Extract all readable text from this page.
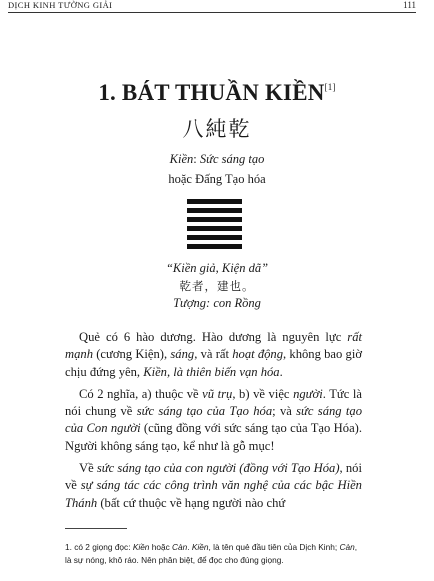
DỊCH KINH TƯỜNG GIẢI	111
1. BÁT THUẦN KIỀN[1]
八純乾
Kiền: Sức sáng tạo
hoặc Đấng Tạo hóa
“Kiền giả, Kiện dã”
乾者，建也。
Tượng: con Rồng

Quẻ có 6 hào dương. Hào dương là nguyên lực rất mạnh (cương Kiện), sáng, và rất hoạt động, không bao giờ chịu đứng yên, Kiền, là thiên biến vạn hóa.

Có 2 nghĩa, a) thuộc về vũ trụ, b) về việc người. Tức là nói chung về sức sáng tạo của Tạo hóa; và sức sáng tạo của Con người (cũng đồng với sức sáng tạo của Tạo Hóa). Người không sáng tạo, kể như là gỗ mục!

Về sức sáng tạo của con người (đồng với Tạo Hóa), nói về sự sáng tác các công trình văn nghệ của các bậc Hiền Thánh (bất cứ thuộc về hạng người nào chứ

1. có 2 giọng đọc: Kiền hoặc Càn. Kiền, là tên quẻ đầu tiên của Dịch Kinh; Càn, là sự nóng, khô ráo. Nên phân biệt, để đọc cho đúng giọng.
